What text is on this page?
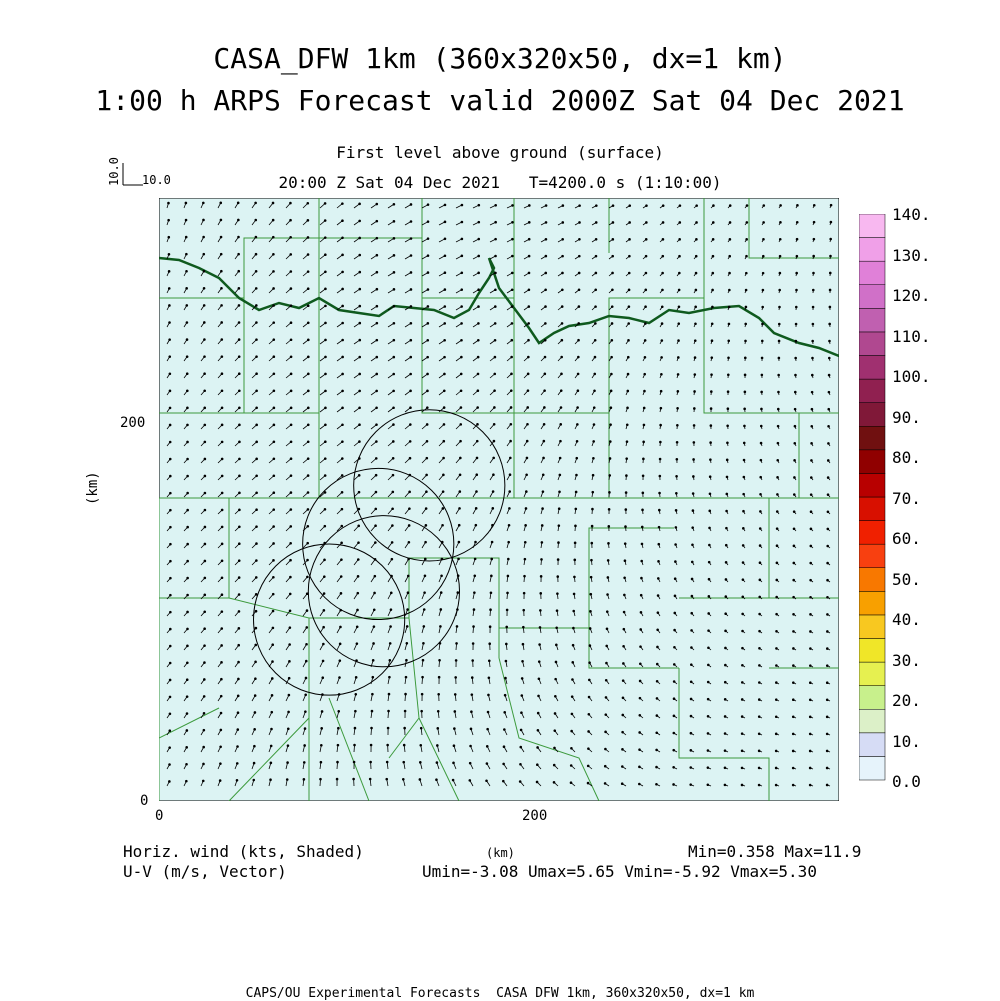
CASA_DFW 1km (360x320x50, dx=1 km)
1:00 h ARPS Forecast valid 2000Z Sat 04 Dec 2021
First level above ground (surface)
20:00 Z Sat 04 Dec 2021   T=4200.0 s (1:10:00)
10.0 10.0
(km)
200
0
0	200
(km)
0.0
10.
20.
30.
40.
50.
60.
70.
80.
90.
100.
110.
120.
130.
140.
Horiz. wind (kts, Shaded)
U-V (m/s, Vector)
Min=0.358 Max=11.9
Umin=-3.08 Umax=5.65 Vmin=-5.92 Vmax=5.30
CAPS/OU Experimental Forecasts  CASA DFW 1km, 360x320x50, dx=1 km
